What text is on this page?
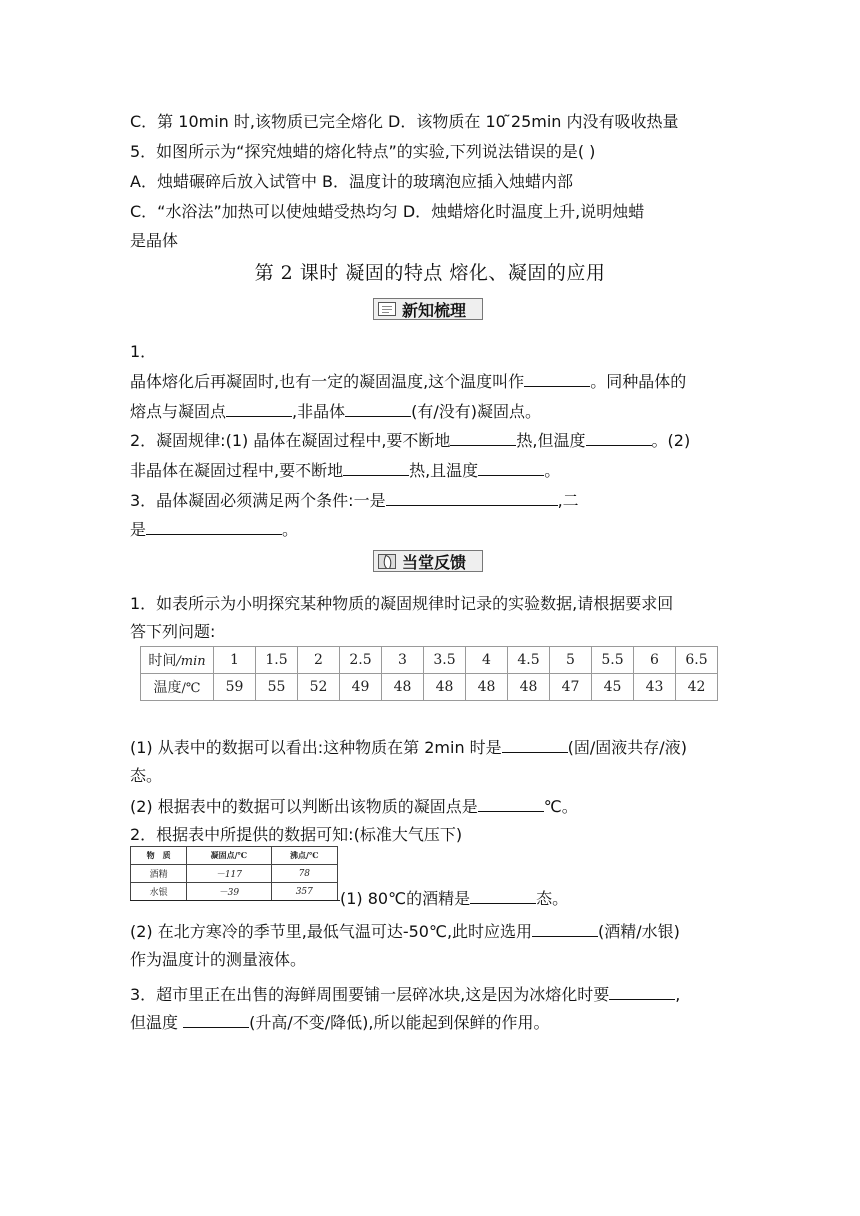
C．第 10min 时,该物质已完全熔化 D．该物质在 10 ̃25min 内没有吸收热量
5．如图所示为“探究烛蜡的熔化特点”的实验,下列说法错误的是( )
A．烛蜡碾碎后放入试管中 B．温度计的玻璃泡应插入烛蜡内部
C．“水浴法”加热可以使烛蜡受热均匀 D．烛蜡熔化时温度上升,说明烛蜡
是晶体
第 2 课时 凝固的特点 熔化、凝固的应用
新知梳理
1．
晶体熔化后再凝固时,也有一定的凝固温度,这个温度叫作	。同种晶体的
熔点与凝固点	,非晶体	(有/没有)凝固点。
2．凝固规律:(1) 晶体在凝固过程中,要不断地	热,但温度	。(2)
非晶体在凝固过程中,要不断地	热,且温度	。
3．晶体凝固必须满足两个条件:一是	,二
是	。
当堂反馈
1．如表所示为小明探究某种物质的凝固规律时记录的实验数据,请根据要求回
答下列问题:
时间/min	1	1.5	2	2.5	3	3.5	4	4.5	5	5.5	6	6.5
温度/℃	59	55	52	49	48	48	48	48	47	45	43	42
(1) 从表中的数据可以看出:这种物质在第 2min 时是	(固/固液共存/液)
态。
(2) 根据表中的数据可以判断出该物质的凝固点是	℃。
2．根据表中所提供的数据可知:(标准大气压下)
物　质	凝固点/℃	沸点/℃
酒精	－117	78
水银	－39	357 (1) 80℃的酒精是	态。
(2) 在北方寒冷的季节里,最低气温可达-50℃,此时应选用	(酒精/水银)
作为温度计的测量液体。
3．超市里正在出售的海鲜周围要铺一层碎冰块,这是因为冰熔化时要	,
但温度	(升高/不变/降低),所以能起到保鲜的作用。
